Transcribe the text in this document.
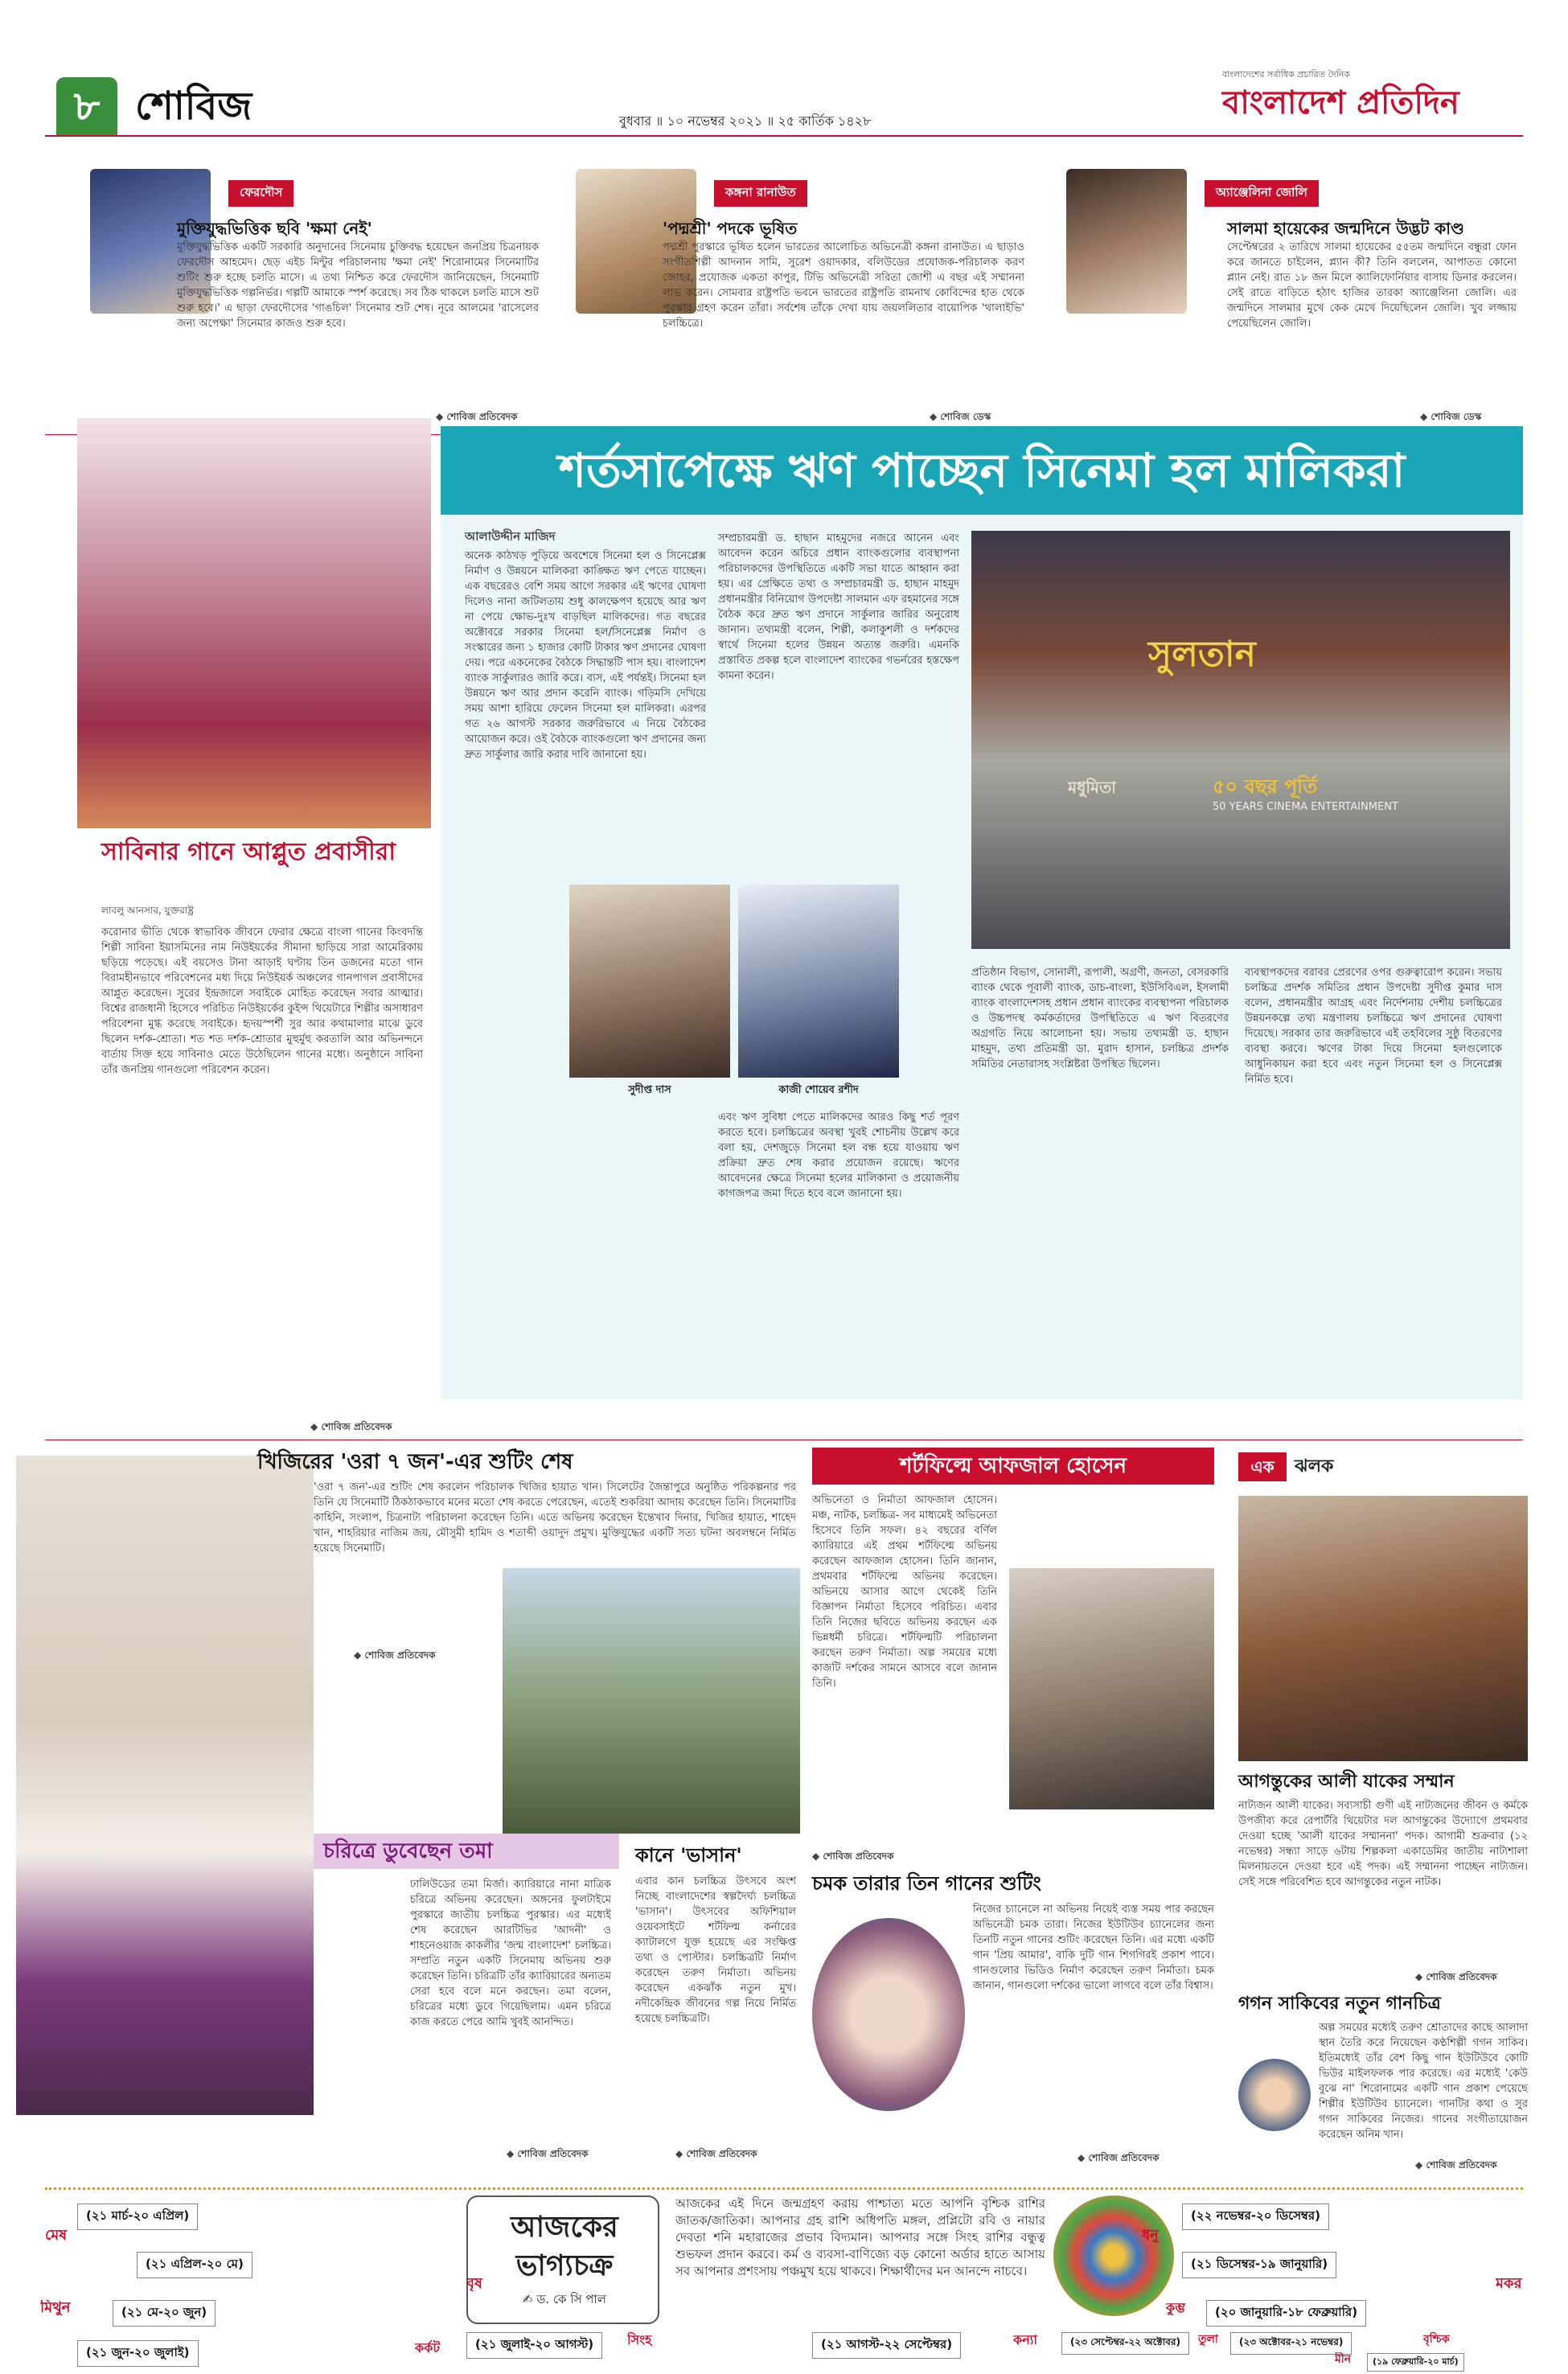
৮ শোবিজ	বুধবার ॥ ১০ নভেম্বর ২০২১ ॥ ২৫ কার্তিক ১৪২৮
বাংলাদেশের সর্বাধিক প্রচারিত দৈনিক
বাংলাদেশ প্রতিদিন
ফেরদৌস
মুক্তিযুদ্ধভিত্তিক ছবি 'ক্ষমা নেই'
মুক্তিযুদ্ধভিত্তিক একটি সরকারি অনুদানের সিনেমায় চুক্তিবদ্ধ হয়েছেন জনপ্রিয় চিত্রনায়ক ফেরদৌস আহমেদ। ছেড় এইচ মিন্টুর পরিচালনায় 'ক্ষমা নেই' শিরোনামের সিনেমাটির শুটিং শুরু হচ্ছে চলতি মাসে। এ তথ্য নিশ্চিত করে ফেরদৌস জানিয়েছেন, সিনেমাটি মুক্তিযুদ্ধভিত্তিক গল্পনির্ভর। গল্পটি আমাকে স্পর্শ করেছে। সব ঠিক থাকলে চলতি মাসে শুট শুরু হবে।' এ ছাড়া ফেরদৌসের 'গাঙচিল' সিনেমার শুট শেষ। নূরে আলমের 'রাসেলের জন্য অপেক্ষা' সিনেমার কাজও শুরু হবে।
◆ শোবিজ প্রতিবেদক
কঙ্গনা রানাউত
'পদ্মশ্রী' পদকে ভূষিত
পদ্মশ্রী পুরস্কারে ভূষিত হলেন ভারতের আলোচিত অভিনেত্রী কঙ্গনা রানাউত। এ ছাড়াও সংগীতশিল্পী আদনান সামি, সুরেশ ওয়াদকার, বলিউডের প্রযোজক-পরিচালক করণ জোহর, প্রযোজক একতা কাপুর, টিভি অভিনেত্রী সরিতা জোশী এ বছর এই সম্মাননা লাভ করেন। সোমবার রাষ্ট্রপতি ভবনে ভারতের রাষ্ট্রপতি রামনাথ কোবিন্দের হাত থেকে পুরস্কার গ্রহণ করেন তাঁরা। সর্বশেষ তাঁকে দেখা যায় জয়ললিতার বায়োপিক 'থালাইভি' চলচ্চিত্রে।
◆ শোবিজ ডেস্ক
অ্যাঞ্জেলিনা জোলি
সালমা হায়েকের জন্মদিনে উদ্ভট কাণ্ড
সেপ্টেম্বরের ২ তারিখে সালমা হায়েকের ৫৫তম জন্মদিনে বন্ধুরা ফোন করে জানতে চাইলেন, প্ল্যান কী? তিনি বললেন, আপাতত কোনো প্ল্যান নেই। রাত ১৮ জন মিলে ক্যালিফোর্নিয়ার বাসায় ডিনার করলেন। সেই রাতে বাড়িতে হঠাৎ হাজির তারকা অ্যাঞ্জেলিনা জোলি। এর জন্মদিনে সালমার মুখে কেক মেখে দিয়েছিলেন জোলি। খুব লজ্জায় পেয়েছিলেন জোলি।
◆ শোবিজ ডেস্ক
সাবিনার গানে আপ্লুত প্রবাসীরা
লাবলু আনসার, যুক্তরাষ্ট্র
করোনার ভীতি থেকে স্বাভাবিক জীবনে ফেরার ক্ষেত্রে বাংলা গানের কিংবদন্তি শিল্পী সাবিনা ইয়াসমিনের নাম নিউইয়র্কের সীমানা ছাড়িয়ে সারা আমেরিকায় ছড়িয়ে পড়েছে। এই বয়সেও টানা আড়াই ঘণ্টায় তিন ডজনের মতো গান বিরামহীনভাবে পরিবেশনের মধ্য দিয়ে নিউইয়র্ক অঞ্চলের গানপাগল প্রবাসীদের আপ্লুত করেছেন। সুরের ইন্দ্রজালে সবাইকে মোহিত করেছেন সবার আত্মার। বিশ্বের রাজধানী হিসেবে পরিচিত নিউইয়র্কের কুইন্স থিয়েটারে শিল্পীর অসাধারণ পরিবেশনা মুগ্ধ করেছে সবাইকে। হৃদয়স্পর্শী সুর আর কথামালার মাঝে ডুবে ছিলেন দর্শক-শ্রোতা। শত শত দর্শক-শ্রোতার মুহুর্মুহু করতালি আর অভিনন্দনে বার্তায় সিক্ত হয়ে সাবিনাও মেতে উঠেছিলেন গানের মধ্যে। অনুষ্ঠানে সাবিনা তাঁর জনপ্রিয় গানগুলো পরিবেশন করেন।
◆ শোবিজ প্রতিবেদক
শর্তসাপেক্ষে ঋণ পাচ্ছেন সিনেমা হল মালিকরা
আলাউদ্দীন মাজিদ
অনেক কাঠখড় পুড়িয়ে অবশেষে সিনেমা হল ও সিনেপ্লেক্স নির্মাণ ও উন্নয়নে মালিকরা কাঙ্ক্ষিত ঋণ পেতে যাচ্ছেন। এক বছরেরও বেশি সময় আগে সরকার এই ঋণের ঘোষণা দিলেও নানা জটিলতায় শুধু কালক্ষেপণ হয়েছে আর ঋণ না পেয়ে ক্ষোভ-দুঃখ বাড়ছিল মালিকদের। গত বছরের অক্টোবরে সরকার সিনেমা হল/সিনেপ্লেক্স নির্মাণ ও সংস্কারের জন্য ১ হাজার কোটি টাকার ঋণ প্রদানের ঘোষণা দেয়। পরে একনেকের বৈঠকে সিদ্ধান্তটি পাস হয়। বাংলাদেশ ব্যাংক সার্কুলারও জারি করে। ব্যস, এই পর্যন্তই। সিনেমা হল উন্নয়নে ঋণ আর প্রদান করেনি ব্যাংক। গড়িমসি দেখিয়ে সময় আশা হারিয়ে ফেলেন সিনেমা হল মালিকরা। এরপর গত ২৬ আগস্ট সরকার জরুরিভাবে এ নিয়ে বৈঠকের আয়োজন করে। ওই বৈঠকে ব্যাংকগুলো ঋণ প্রদানের জন্য দ্রুত সার্কুলার জারি করার দাবি জানানো হয়।
সম্প্রচারমন্ত্রী ড. হাছান মাহমুদের নজরে আনেন এবং আবেদন করেন অচিরে প্রধান ব্যাংকগুলোর ব্যবস্থাপনা পরিচালকদের উপস্থিতিতে একটি সভা যাতে আহ্বান করা হয়। এর প্রেক্ষিতে তথ্য ও সম্প্রচারমন্ত্রী ড. হাছান মাহমুদ প্রধানমন্ত্রীর বিনিয়োগ উপদেষ্টা সালমান এফ রহমানের সঙ্গে বৈঠক করে দ্রুত ঋণ প্রদানে সার্কুলার জারির অনুরোধ জানান। তথ্যমন্ত্রী বলেন, শিল্পী, কলাকুশলী ও দর্শকদের স্বার্থে সিনেমা হলের উন্নয়ন অত্যন্ত জরুরি। এমনকি প্রস্তাবিত প্রকল্প হলে বাংলাদেশ ব্যাংকের গভর্নরের হস্তক্ষেপ কামনা করেন।
সুদীপ্ত দাস	কাজী শোয়েব রশীদ
এবং ঋণ সুবিধা পেতে মালিকদের আরও কিছু শর্ত পূরণ করতে হবে। চলচ্চিত্রের অবস্থা খুবই শোচনীয় উল্লেখ করে বলা হয়, দেশজুড়ে সিনেমা হল বন্ধ হয়ে যাওয়ায় ঋণ প্রক্রিয়া দ্রুত শেষ করার প্রয়োজন রয়েছে। ঋণের আবেদনের ক্ষেত্রে সিনেমা হলের মালিকানা ও প্রয়োজনীয় কাগজপত্র জমা দিতে হবে বলে জানানো হয়।
সুলতান
৫০ বছর পূর্তি
মধুমিতা
50 YEARS CINEMA ENTERTAINMENT
প্রতিষ্ঠান বিভাগ, সোনালী, রূপালী, অগ্রণী, জনতা, বেসরকারি ব্যাংক থেকে পূবালী ব্যাংক, ডাচ-বাংলা, ইউসিবিএল, ইসলামী ব্যাংক বাংলাদেশসহ প্রধান প্রধান ব্যাংকের ব্যবস্থাপনা পরিচালক ও উচ্চপদস্থ কর্মকর্তাদের উপস্থিতিতে এ ঋণ বিতরণের অগ্রগতি নিয়ে আলোচনা হয়। সভায় তথ্যমন্ত্রী ড. হাছান মাহমুদ, তথ্য প্রতিমন্ত্রী ডা. মুরাদ হাসান, চলচ্চিত্র প্রদর্শক সমিতির নেতারাসহ সংশ্লিষ্টরা উপস্থিত ছিলেন।
ব্যবস্থাপকদের বরাবর প্রেরণের ওপর গুরুত্বারোপ করেন। সভায় চলচ্চিত্র প্রদর্শক সমিতির প্রধান উপদেষ্টা সুদীপ্ত কুমার দাস বলেন, প্রধানমন্ত্রীর আগ্রহ এবং নির্দেশনায় দেশীয় চলচ্চিত্রের উন্নয়নকল্পে তথ্য মন্ত্রণালয় চলচ্চিত্রে ঋণ প্রদানের ঘোষণা দিয়েছে। সরকার তার জরুরিভাবে এই তহবিলের সুষ্ঠু বিতরণের ব্যবস্থা করবে। ঋণের টাকা দিয়ে সিনেমা হলগুলোকে আধুনিকায়ন করা হবে এবং নতুন সিনেমা হল ও সিনেপ্লেক্স নির্মিত হবে।
খিজিরের 'ওরা ৭ জন'-এর শুটিং শেষ
'ওরা ৭ জন'-এর শুটিং শেষ করলেন পরিচালক খিজির হায়াত খান। সিলেটের জৈন্তাপুরে অনুষ্ঠিত পরিকল্পনার পর তিনি যে সিনেমাটি ঠিকঠাকভাবে মনের মতো শেষ করতে পেরেছেন, এতেই শুকরিয়া আদায় করেছেন তিনি। সিনেমাটির কাহিনি, সংলাপ, চিত্রনাট্য পরিচালনা করেছেন তিনি। এতে অভিনয় করেছেন ইন্তেখাব দিনার, খিজির হায়াত, শাহেদ খান, শাহরিয়ার নাজিম জয়, মৌসুমী হামিদ ও শতাব্দী ওয়াদুদ প্রমুখ। মুক্তিযুদ্ধের একটি সত্য ঘটনা অবলম্বনে নির্মিত হয়েছে সিনেমাটি।
◆ শোবিজ প্রতিবেদক
চরিত্রে ডুবেছেন তমা
ঢালিউডের তমা মির্জা। ক্যারিয়ারে নানা মাত্রিক চরিত্রে অভিনয় করেছেন। অঙ্গনের ফুলটাইমে পুরস্কারে জাতীয় চলচ্চিত্র পুরস্কার। এর মধ্যেই শেষ করেছেন আরটিভির 'আদনী' ও শাহনেওয়াজ কাকলীর 'জন্ম বাংলাদেশ' চলচ্চিত্র। সম্প্রতি নতুন একটি সিনেমায় অভিনয় শুরু করেছেন তিনি। চরিত্রটি তাঁর ক্যারিয়ারের অন্যতম সেরা হবে বলে মনে করছেন। তমা বলেন, চরিত্রের মধ্যে ডুবে গিয়েছিলাম। এমন চরিত্রে কাজ করতে পেরে আমি খুবই আনন্দিত।
◆ শোবিজ প্রতিবেদক
কানে 'ভাসান'
এবার কান চলচ্চিত্র উৎসবে অংশ নিচ্ছে বাংলাদেশের স্বল্পদৈর্ঘ্য চলচ্চিত্র 'ভাসান'। উৎসবের অফিশিয়াল ওয়েবসাইটে শর্টফিল্ম কর্নারের ক্যাটালগে যুক্ত হয়েছে এর সংক্ষিপ্ত তথ্য ও পোস্টার। চলচ্চিত্রটি নির্মাণ করেছেন তরুণ নির্মাতা। অভিনয় করেছেন একঝাঁক নতুন মুখ। নদীকেন্দ্রিক জীবনের গল্প নিয়ে নির্মিত হয়েছে চলচ্চিত্রটি।
◆ শোবিজ প্রতিবেদক
শর্টফিল্মে আফজাল হোসেন
অভিনেতা ও নির্মাতা আফজাল হোসেন। মঞ্চ, নাটক, চলচ্চিত্র- সব মাধ্যমেই অভিনেতা হিসেবে তিনি সফল। ৪২ বছরের বর্ণিল ক্যারিয়ারে এই প্রথম শর্টফিল্মে অভিনয় করেছেন আফজাল হোসেন। তিনি জানান, প্রথমবার শর্টফিল্মে অভিনয় করেছেন। অভিনয়ে আসার আগে থেকেই তিনি বিজ্ঞাপন নির্মাতা হিসেবে পরিচিত। এবার তিনি নিজের ছবিতে অভিনয় করছেন এক ভিন্নধর্মী চরিত্রে। শর্টফিল্মটি পরিচালনা করছেন তরুণ নির্মাতা। অল্প সময়ের মধ্যে কাজটি দর্শকের সামনে আসবে বলে জানান তিনি।
◆ শোবিজ প্রতিবেদক
চমক তারার তিন গানের শুটিং
নিজের চ্যানেলে না অভিনয় নিয়েই ব্যস্ত সময় পার করছেন অভিনেত্রী চমক তারা। নিজের ইউটিউব চ্যানেলের জন্য তিনটি নতুন গানের শুটিং করেছেন তিনি। এর মধ্যে একটি গান 'প্রিয় আমার', বাকি দুটি গান শিগগিরই প্রকাশ পাবে। গানগুলোর ভিডিও নির্মাণ করেছেন তরুণ নির্মাতা। চমক জানান, গানগুলো দর্শকের ভালো লাগবে বলে তাঁর বিশ্বাস।
◆ শোবিজ প্রতিবেদক
এক	ঝলক
আগন্তুকের আলী যাকের সম্মান
নাট্যজন আলী যাকের। সব্যসাচী গুণী এই নাট্যজনের জীবন ও কর্মকে উপজীব্য করে রেপার্টরি থিয়েটার দল আগন্তুকের উদ্যোগে প্রথমবার দেওয়া হচ্ছে 'আলী যাকের সম্মাননা' পদক। আগামী শুক্রবার (১২ নভেম্বর) সন্ধ্যা সাড়ে ৬টায় শিল্পকলা একাডেমির জাতীয় নাট্যশালা মিলনায়তনে দেওয়া হবে এই পদক। এই সম্মাননা পাচ্ছেন নাট্যজন। সেই সঙ্গে পরিবেশিত হবে আগন্তুকের নতুন নাটক।
◆ শোবিজ প্রতিবেদক
গগন সাকিবের নতুন গানচিত্র
অল্প সময়ের মধ্যেই তরুণ শ্রোতাদের কাছে আলাদা স্থান তৈরি করে নিয়েছেন কণ্ঠশিল্পী গগন সাকিব। ইতিমধ্যেই তাঁর বেশ কিছু গান ইউটিউবে কোটি ভিউর মাইলফলক পার করেছে। এর মধ্যেই 'কেউ বুঝে না' শিরোনামের একটি গান প্রকাশ পেয়েছে শিল্পীর ইউটিউব চ্যানেলে। গানটির কথা ও সুর গগন সাকিবের নিজের। গানের সংগীতায়োজন করেছেন অনিম খান।
◆ শোবিজ প্রতিবেদক
আজকের
ভাগ্যচক্র
✍ ড. কে সি পাল
আজকের এই দিনে জন্মগ্রহণ করায় পাশ্চাত্য মতে আপনি বৃশ্চিক রাশির জাতক/জাতিকা। আপনার গ্রহ রাশি অধিপতি মঙ্গল, প্রপ্লিটো রবি ও নায়ার দেবতা শনি মহারাজের প্রভাব বিদ্যমান। আপনার সঙ্গে সিংহ রাশির বন্ধুত্ব শুভফল প্রদান করবে। কর্ম ও ব্যবসা-বাণিজ্যে বড় কোনো অর্ডার হাতে আসায় সব আপনার প্রশংসায় পঞ্চমুখ হয়ে থাকবে। শিক্ষার্থীদের মন আনন্দে নাচবে।
(২১ মার্চ-২০ এপ্রিল)
মেষ
(২১ এপ্রিল-২০ মে)
বৃষ
(২১ মে-২০ জুন)
মিথুন
(২১ জুন-২০ জুলাই)	কর্কট	(২১ জুলাই-২০ আগস্ট)	সিংহ	(২১ আগস্ট-২২ সেপ্টেম্বর)	কন্যা	(২৩ সেপ্টেম্বর-২২ অক্টোবর) তুলা
(২২ নভেম্বর-২০ ডিসেম্বর)
ধনু
(২১ ডিসেম্বর-১৯ জানুয়ারি)
মকর
(২০ জানুয়ারি-১৮ ফেব্রুয়ারি)
কুম্ভ
(২৩ অক্টোবর-২১ নভেম্বর)	বৃশ্চিক
(১৯ ফেব্রুয়ারি-২০ মার্চ)
মীন
